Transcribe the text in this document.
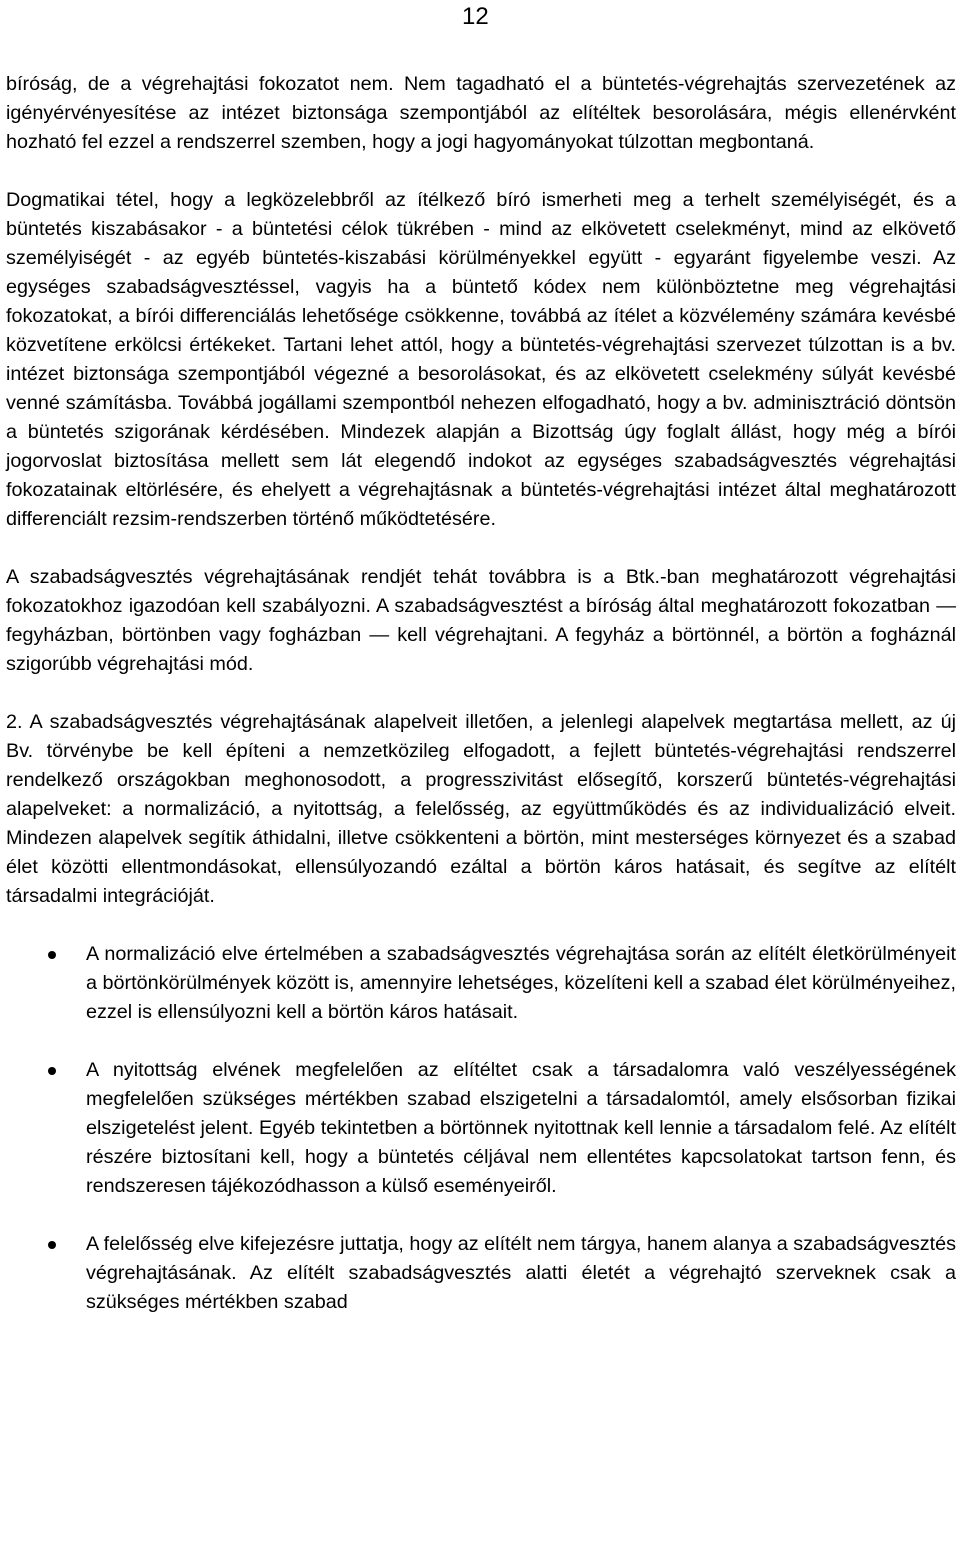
12

bíróság, de a végrehajtási fokozatot nem. Nem tagadható el a büntetés-végrehajtás szervezetének az igényérvényesítése az intézet biztonsága szempontjából az elítéltek besorolására, mégis ellenérvként hozható fel ezzel a rendszerrel szemben, hogy a jogi hagyományokat túlzottan megbontaná.

Dogmatikai tétel, hogy a legközelebbről az ítélkező bíró ismerheti meg a terhelt személyiségét, és a büntetés kiszabásakor - a büntetési célok tükrében - mind az elkövetett cselekményt, mind az elkövető személyiségét - az egyéb büntetés-kiszabási körülményekkel együtt - egyaránt figyelembe veszi. Az egységes szabadságvesztéssel, vagyis ha a büntető kódex nem különböztetne meg végrehajtási fokozatokat, a bírói differenciálás lehetősége csökkenne, továbbá az ítélet a közvélemény számára kevésbé közvetítene erkölcsi értékeket. Tartani lehet attól, hogy a büntetés-végrehajtási szervezet túlzottan is a bv. intézet biztonsága szempontjából végezné a besorolásokat, és az elkövetett cselekmény súlyát kevésbé venné számításba. Továbbá jogállami szempontból nehezen elfogadható, hogy a bv. adminisztráció döntsön a büntetés szigorának kérdésében. Mindezek alapján a Bizottság úgy foglalt állást, hogy még a bírói jogorvoslat biztosítása mellett sem lát elegendő indokot az egységes szabadságvesztés végrehajtási fokozatainak eltörlésére, és ehelyett a végrehajtásnak a büntetés-végrehajtási intézet által meghatározott differenciált rezsim-rendszerben történő működtetésére.

A szabadságvesztés végrehajtásának rendjét tehát továbbra is a Btk.-ban meghatározott végrehajtási fokozatokhoz igazodóan kell szabályozni. A szabadságvesztést a bíróság által meghatározott fokozatban — fegyházban, börtönben vagy fogházban — kell végrehajtani. A fegyház a börtönnél, a börtön a fogháznál szigorúbb végrehajtási mód.

2. A szabadságvesztés végrehajtásának alapelveit illetően, a jelenlegi alapelvek megtartása mellett, az új Bv. törvénybe be kell építeni a nemzetközileg elfogadott, a fejlett büntetés-végrehajtási rendszerrel rendelkező országokban meghonosodott, a progresszivitást elősegítő, korszerű büntetés-végrehajtási alapelveket: a normalizáció, a nyitottság, a felelősség, az együttműködés és az individualizáció elveit. Mindezen alapelvek segítik áthidalni, illetve csökkenteni a börtön, mint mesterséges környezet és a szabad élet közötti ellentmondásokat, ellensúlyozandó ezáltal a börtön káros hatásait, és segítve az elítélt társadalmi integrációját.

A normalizáció elve értelmében a szabadságvesztés végrehajtása során az elítélt életkörülményeit a börtönkörülmények között is, amennyire lehetséges, közelíteni kell a szabad élet körülményeihez, ezzel is ellensúlyozni kell a börtön káros hatásait.
A nyitottság elvének megfelelően az elítéltet csak a társadalomra való veszélyességének megfelelően szükséges mértékben szabad elszigetelni a társadalomtól, amely elsősorban fizikai elszigetelést jelent. Egyéb tekintetben a börtönnek nyitottnak kell lennie a társadalom felé. Az elítélt részére biztosítani kell, hogy a büntetés céljával nem ellentétes kapcsolatokat tartson fenn, és rendszeresen tájékozódhasson a külső eseményeiről.
A felelősség elve kifejezésre juttatja, hogy az elítélt nem tárgya, hanem alanya a szabadságvesztés végrehajtásának. Az elítélt szabadságvesztés alatti életét a végrehajtó szerveknek csak a szükséges mértékben szabad
